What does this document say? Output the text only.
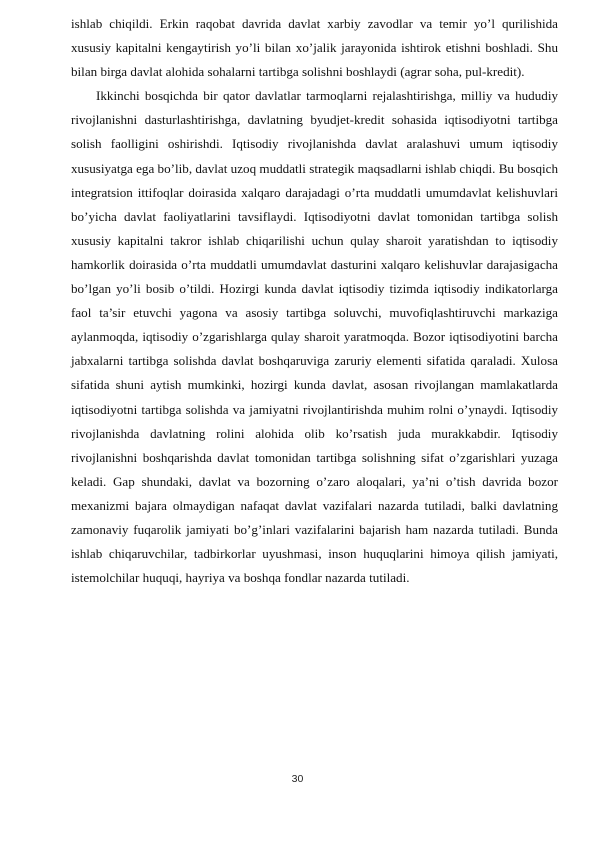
ishlab chiqildi. Erkin raqobat davrida davlat xarbiy zavodlar va temir yo’l qurilishida xususiy kapitalni kengaytirish yo’li bilan xo’jalik jarayonida ishtirok etishni boshladi. Shu bilan birga davlat alohida sohalarni tartibga solishni boshlaydi (agrar soha, pul-kredit).

Ikkinchi bosqichda bir qator davlatlar tarmoqlarni rejalashtirishga, milliy va hududiy rivojlanishni dasturlashtirishga, davlatning byudjet-kredit sohasida iqtisodiyotni tartibga solish faolligini oshirishdi. Iqtisodiy rivojlanishda davlat aralashuvi umum iqtisodiy xususiyatga ega bo’lib, davlat uzoq muddatli strategik maqsadlarni ishlab chiqdi. Bu bosqich integratsion ittifoqlar doirasida xalqaro darajadagi o’rta muddatli umumdavlat kelishuvlari bo’yicha davlat faoliyatlarini tavsiflaydi. Iqtisodiyotni davlat tomonidan tartibga solish xususiy kapitalni takror ishlab chiqarilishi uchun qulay sharoit yaratishdan to iqtisodiy hamkorlik doirasida o’rta muddatli umumdavlat dasturini xalqaro kelishuvlar darajasigacha bo’lgan yo’li bosib o’tildi. Hozirgi kunda davlat iqtisodiy tizimda iqtisodiy indikatorlarga faol ta’sir etuvchi yagona va asosiy tartibga soluvchi, muvofiqlashtiruvchi markaziga aylanmoqda, iqtisodiy o’zgarishlarga qulay sharoit yaratmoqda. Bozor iqtisodiyotini barcha jabxalarni tartibga solishda davlat boshqaruviga zaruriy elementi sifatida qaraladi. Xulosa sifatida shuni aytish mumkinki, hozirgi kunda davlat, asosan rivojlangan mamlakatlarda iqtisodiyotni tartibga solishda va jamiyatni rivojlantirishda muhim rolni o’ynaydi. Iqtisodiy rivojlanishda davlatning rolini alohida olib ko’rsatish juda murakkabdir. Iqtisodiy rivojlanishni boshqarishda davlat tomonidan tartibga solishning sifat o’zgarishlari yuzaga keladi. Gap shundaki, davlat va bozorning o’zaro aloqalari, ya’ni o’tish davrida bozor mexanizmi bajara olmaydigan nafaqat davlat vazifalari nazarda tutiladi, balki davlatning zamonaviy fuqarolik jamiyati bo’g’inlari vazifalarini bajarish ham nazarda tutiladi. Bunda ishlab chiqaruvchilar, tadbirkorlar uyushmasi, inson huquqlarini himoya qilish jamiyati, istemolchilar huquqi, hayriya va boshqa fondlar nazarda tutiladi.

30
